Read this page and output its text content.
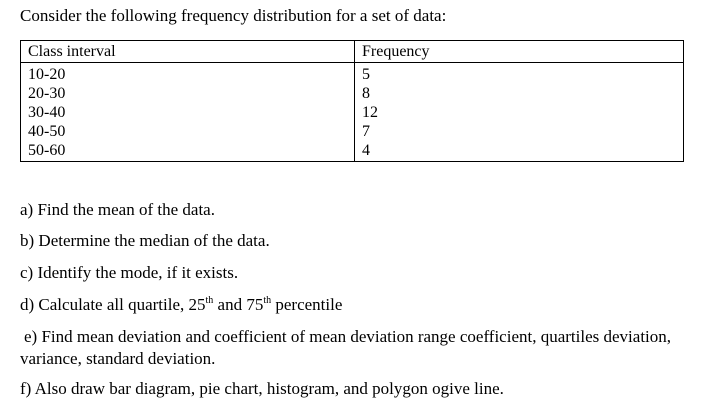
Consider the following frequency distribution for a set of data:
Class interval	Frequency
10-20	5
20-30	8
30-40	12
40-50	7
50-60	4
a) Find the mean of the data.
b) Determine the median of the data.
c) Identify the mode, if it exists.
d) Calculate all quartile, 25th and 75th percentile
e) Find mean deviation and coefficient of mean deviation range coefficient, quartiles deviation,
variance, standard deviation.
f) Also draw bar diagram, pie chart, histogram, and polygon ogive line.
